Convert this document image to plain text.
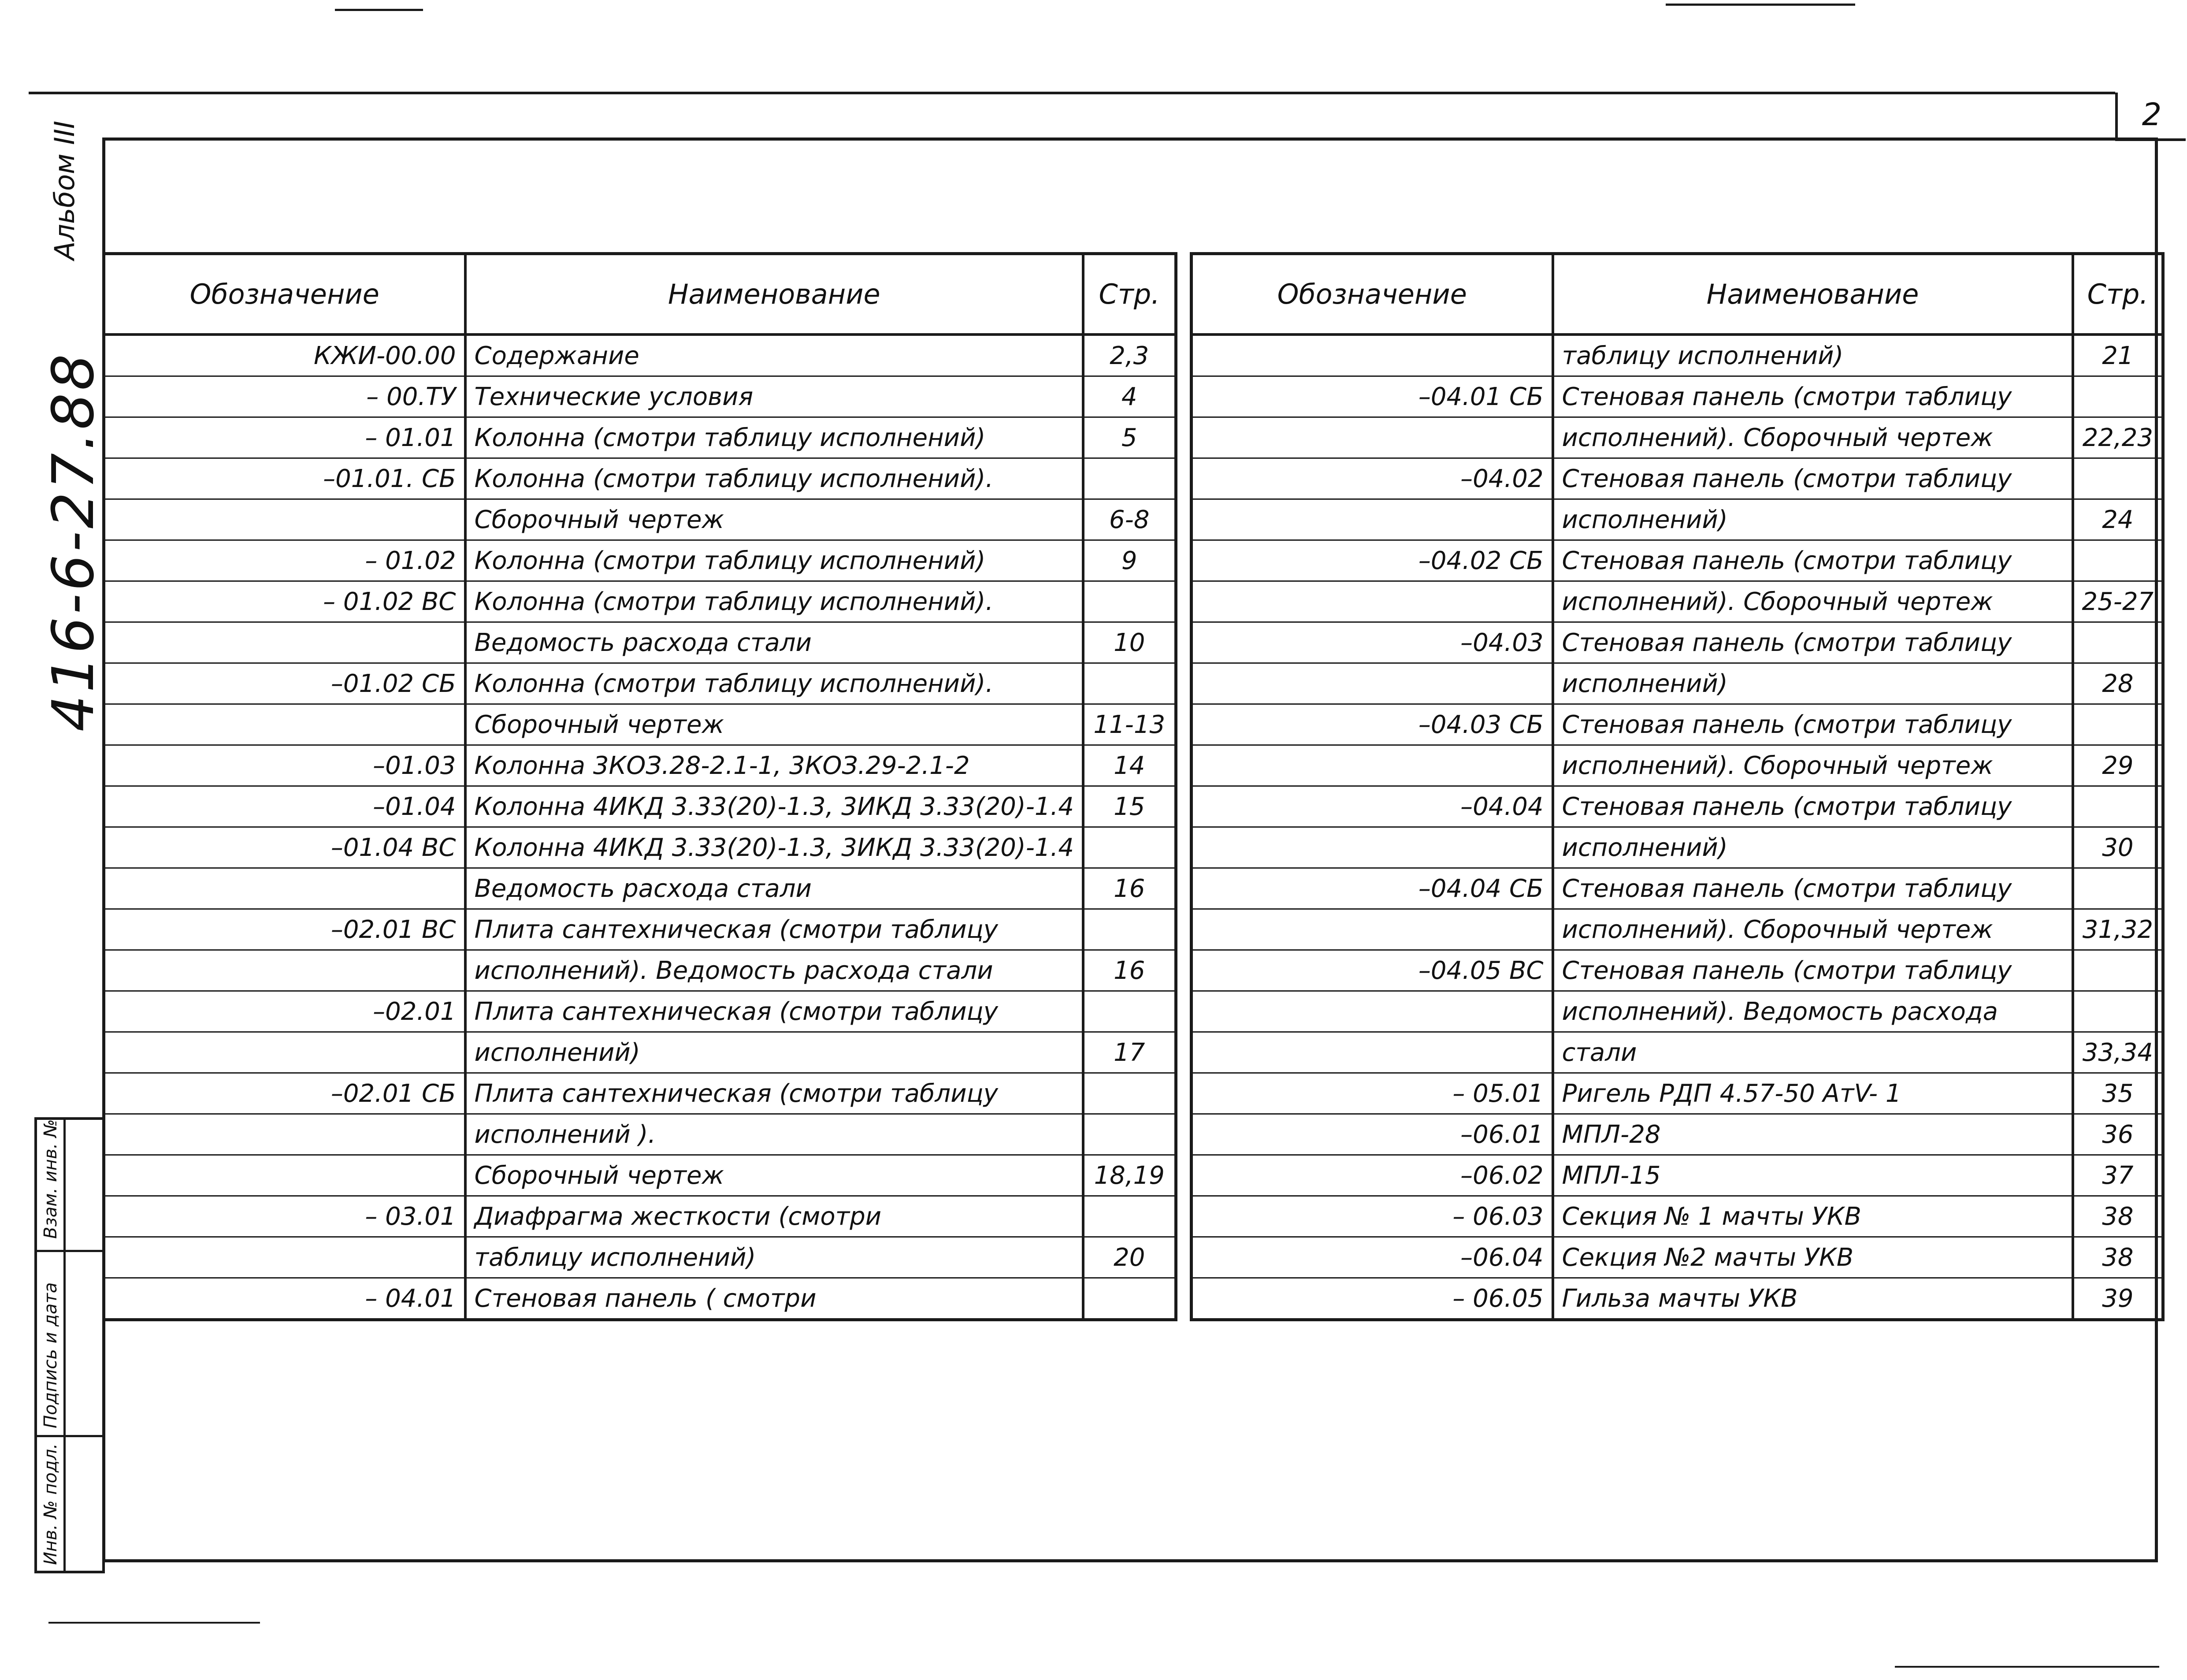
2
Альбом III
416-6-27.88
Обозначение	Наименование	Стр.
КЖИ-00.00	Содержание	2,3
– 00.ТУ	Технические условия	4
– 01.01	Колонна (смотри таблицу исполнений)	5
–01.01. СБ	Колонна (смотри таблицу исполнений).	
	Сборочный чертеж	6-8
– 01.02	Колонна (смотри таблицу исполнений)	9
– 01.02 ВС	Колонна (смотри таблицу исполнений).	
	Ведомость расхода стали	10
–01.02 СБ	Колонна (смотри таблицу исполнений).	
	Сборочный чертеж	11-13
–01.03	Колонна 3КОЗ.28-2.1-1, 3КОЗ.29-2.1-2	14
–01.04	Колонна 4ИКД 3.33(20)-1.3, 3ИКД 3.33(20)-1.4	15
–01.04 ВС	Колонна 4ИКД 3.33(20)-1.3, 3ИКД 3.33(20)-1.4	
	Ведомость расхода стали	16
–02.01 ВС	Плита сантехническая (смотри таблицу	
	исполнений). Ведомость расхода стали	16
–02.01	Плита сантехническая (смотри таблицу	
	исполнений)	17
–02.01 СБ	Плита сантехническая (смотри таблицу	
	исполнений ).	
	Сборочный чертеж	18,19
– 03.01	Диафрагма жесткости (смотри	
	таблицу исполнений)	20
– 04.01	Стеновая панель ( смотри	
Обозначение	Наименование	Стр.
	таблицу исполнений)	21
–04.01 СБ	Стеновая панель (смотри таблицу	
	исполнений). Сборочный чертеж	22,23
–04.02	Стеновая панель (смотри таблицу	
	исполнений)	24
–04.02 СБ	Стеновая панель (смотри таблицу	
	исполнений). Сборочный чертеж	25-27
–04.03	Стеновая панель (смотри таблицу	
	исполнений)	28
–04.03 СБ	Стеновая панель (смотри таблицу	
	исполнений). Сборочный чертеж	29
–04.04	Стеновая панель (смотри таблицу	
	исполнений)	30
–04.04 СБ	Стеновая панель (смотри таблицу	
	исполнений). Сборочный чертеж	31,32
–04.05 ВС	Стеновая панель (смотри таблицу	
	исполнений). Ведомость расхода	
	стали	33,34
– 05.01	Ригель РДП 4.57-50 АтV- 1	35
–06.01	МПЛ-28	36
–06.02	МПЛ-15	37
– 06.03	Секция № 1 мачты УКВ	38
–06.04	Секция №2 мачты УКВ	38
– 06.05	Гильза мачты УКВ	39
Взам. инв. №
Подпись и дата
Инв. № подл.
